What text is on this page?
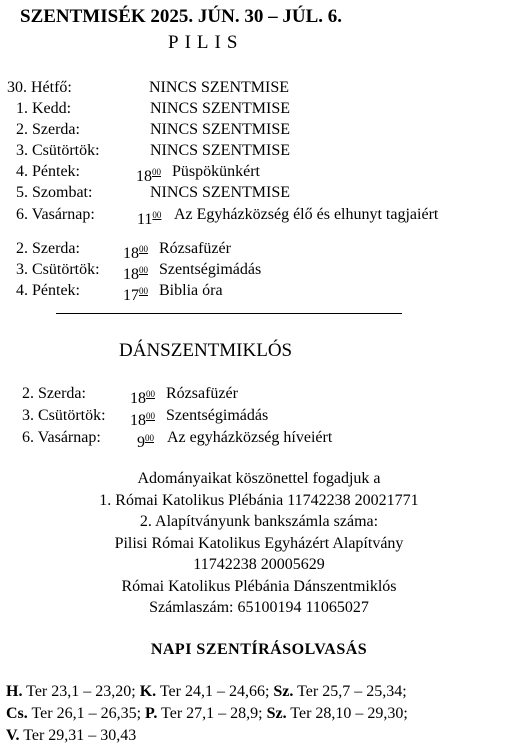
SZENTMISÉK 2025. JÚN. 30 – JÚL. 6.
PILIS
30. Hétfő:	NINCS SZENTMISE
1. Kedd:	NINCS SZENTMISE
2. Szerda:	NINCS SZENTMISE
3. Csütörtök:	NINCS SZENTMISE
4. Péntek:	$18^{00}$ Püspökünkért
5. Szombat:	NINCS SZENTMISE
6. Vasárnap:	$11^{00}$ Az Egyházközség élő és elhunyt tagjaiért
2. Szerda:	$18^{00}$ Rózsafüzér
3. Csütörtök: $18^{00}$ Szentségimádás
4. Péntek:	$17^{00}$ Biblia óra
DÁNSZENTMIKLÓS
2. Szerda:	$18^{00}$ Rózsafüzér
3. Csütörtök: $18^{00}$ Szentségimádás
6. Vasárnap: $9^{00}$ Az egyházközség híveiért
Adományaikat köszönettel fogadjuk a
1. Római Katolikus Plébánia 11742238 20021771
2. Alapítványunk bankszámla száma:
Pilisi Római Katolikus Egyházért Alapítvány
11742238 20005629
Római Katolikus Plébánia Dánszentmiklós
Számlaszám: 65100194 11065027
NAPI SZENTÍRÁSOLVASÁS
H. Ter 23,1 – 23,20; K. Ter 24,1 – 24,66; Sz. Ter 25,7 – 25,34;
Cs. Ter 26,1 – 26,35; P. Ter 27,1 – 28,9; Sz. Ter 28,10 – 29,30;
V. Ter 29,31 – 30,43
